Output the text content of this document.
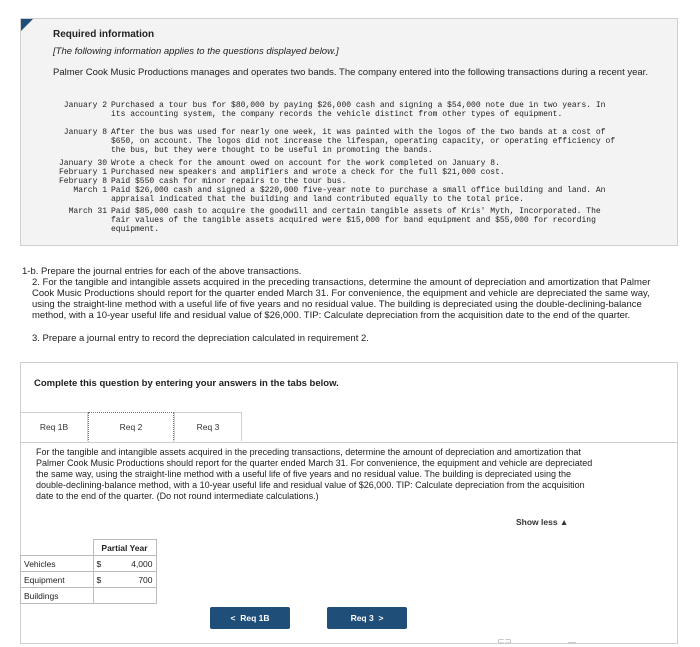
Required information
[The following information applies to the questions displayed below.]
Palmer Cook Music Productions manages and operates two bands. The company entered into the following transactions during a recent year.
January 2 Purchased a tour bus for $80,000 by paying $26,000 cash and signing a $54,000 note due in two years. In its accounting system, the company records the vehicle distinct from other types of equipment.
January 8 After the bus was used for nearly one week, it was painted with the logos of the two bands at a cost of $650, on account. The logos did not increase the lifespan, operating capacity, or operating efficiency of the bus, but they were thought to be useful in promoting the bands.
January 30 Wrote a check for the amount owed on account for the work completed on January 8.
February 1 Purchased new speakers and amplifiers and wrote a check for the full $21,000 cost.
February 8 Paid $550 cash for minor repairs to the tour bus.
March 1 Paid $26,000 cash and signed a $220,000 five-year note to purchase a small office building and land. An appraisal indicated that the building and land contributed equally to the total price.
March 31 Paid $85,000 cash to acquire the goodwill and certain tangible assets of Kris' Myth, Incorporated. The fair values of the tangible assets acquired were $15,000 for band equipment and $55,000 for recording equipment.
1-b. Prepare the journal entries for each of the above transactions.
2. For the tangible and intangible assets acquired in the preceding transactions, determine the amount of depreciation and amortization that Palmer Cook Music Productions should report for the quarter ended March 31. For convenience, the equipment and vehicle are depreciated the same way, using the straight-line method with a useful life of five years and no residual value. The building is depreciated using the double-declining-balance method, with a 10-year useful life and residual value of $26,000. TIP: Calculate depreciation from the acquisition date to the end of the quarter.
3. Prepare a journal entry to record the depreciation calculated in requirement 2.
Complete this question by entering your answers in the tabs below.
Req 1B	Req 2	Req 3
For the tangible and intangible assets acquired in the preceding transactions, determine the amount of depreciation and amortization that Palmer Cook Music Productions should report for the quarter ended March 31. For convenience, the equipment and vehicle are depreciated the same way, using the straight-line method with a useful life of five years and no residual value. The building is depreciated using the double-declining-balance method, with a 10-year useful life and residual value of $26,000. TIP: Calculate depreciation from the acquisition date to the end of the quarter. (Do not round intermediate calculations.)
Show less ▲
	Partial Year	
Vehicles	$	4,000
Equipment	$	700
Buildings		
< Req 1B	Req 3 >
⊂⊃	—
